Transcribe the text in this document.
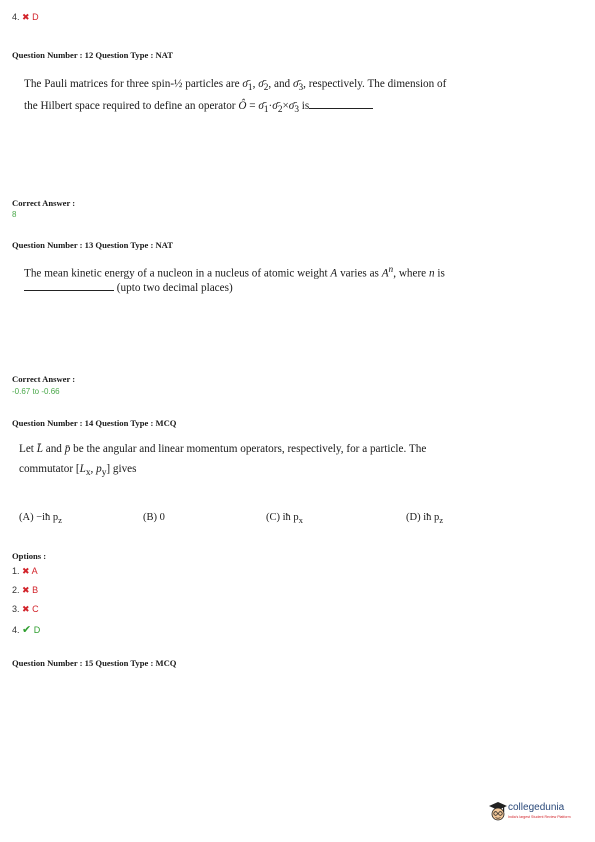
4. ✖ D
Question Number : 12 Question Type : NAT
The Pauli matrices for three spin-½ particles are $\sigmā_1$, $\sigmā_2$, and $\sigmā_3$, respectively. The dimension of
the Hilbert space required to define an operator Ô = $\sigmā_1\cdot\sigmā_2\times\sigmā_3$ is
Correct Answer :
8
Question Number : 13 Question Type : NAT
The mean kinetic energy of a nucleon in a nucleus of atomic weight A varies as $A^n$, where n is
(upto two decimal places)
Correct Answer :
-0.67 to -0.66
Question Number : 14 Question Type : MCQ
Let L̄ and p̄ be the angular and linear momentum operators, respectively, for a particle. The
commutator [$L_x$, $p_y$] gives
(A) −iħ $p_z$	(B) 0	(C) iħ $p_x$	(D) iħ $p_z$
Options :
1. ✖ A
2. ✖ B
3. ✖ C
4. ✔ D
Question Number : 15 Question Type : MCQ
collegedunia
India's largest Student Review Platform
